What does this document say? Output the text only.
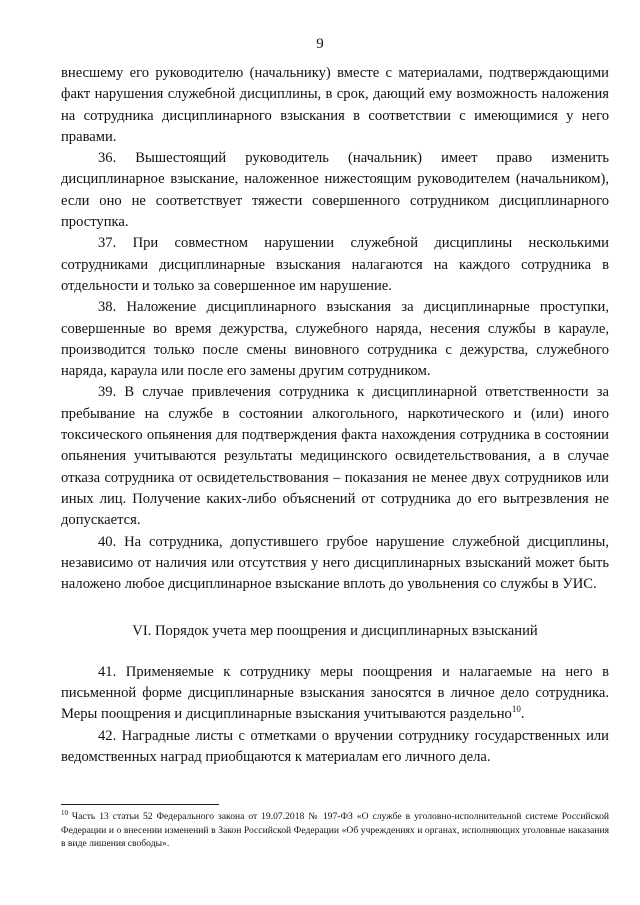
9

внесшему его руководителю (начальнику) вместе с материалами, подтверждающими факт нарушения служебной дисциплины, в срок, дающий ему возможность наложения на сотрудника дисциплинарного взыскания в соответствии с имеющимися у него правами.

36. Вышестоящий руководитель (начальник) имеет право изменить дисциплинарное взыскание, наложенное нижестоящим руководителем (начальником), если оно не соответствует тяжести совершенного сотрудником дисциплинарного проступка.

37. При совместном нарушении служебной дисциплины несколькими сотрудниками дисциплинарные взыскания налагаются на каждого сотрудника в отдельности и только за совершенное им нарушение.

38. Наложение дисциплинарного взыскания за дисциплинарные проступки, совершенные во время дежурства, служебного наряда, несения службы в карауле, производится только после смены виновного сотрудника с дежурства, служебного наряда, караула или после его замены другим сотрудником.

39. В случае привлечения сотрудника к дисциплинарной ответственности за пребывание на службе в состоянии алкогольного, наркотического и (или) иного токсического опьянения для подтверждения факта нахождения сотрудника в состоянии опьянения учитываются результаты медицинского освидетельствования, а в случае отказа сотрудника от освидетельствования – показания не менее двух сотрудников или иных лиц. Получение каких-либо объяснений от сотрудника до его вытрезвления не допускается.

40. На сотрудника, допустившего грубое нарушение служебной дисциплины, независимо от наличия или отсутствия у него дисциплинарных взысканий может быть наложено любое дисциплинарное взыскание вплоть до увольнения со службы в УИС.

VI. Порядок учета мер поощрения и дисциплинарных взысканий

41. Применяемые к сотруднику меры поощрения и налагаемые на него в письменной форме дисциплинарные взыскания заносятся в личное дело сотрудника. Меры поощрения и дисциплинарные взыскания учитываются раздельно$^{10}$.

42. Наградные листы с отметками о вручении сотруднику государственных или ведомственных наград приобщаются к материалам его личного дела.

$^{10}$ Часть 13 статьи 52 Федерального закона от 19.07.2018 № 197-ФЗ «О службе в уголовно-исполнительной системе Российской Федерации и о внесении изменений в Закон Российской Федерации «Об учреждениях и органах, исполняющих уголовные наказания в виде лишения свободы».
